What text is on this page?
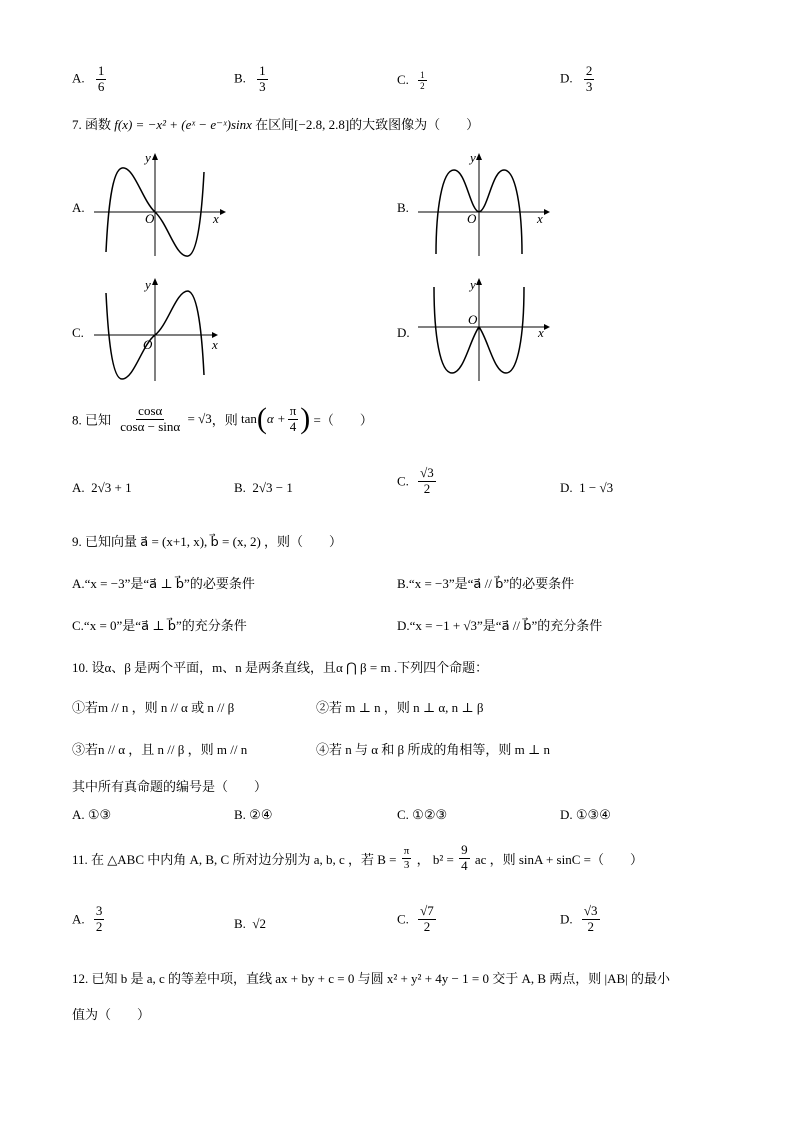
A. $\frac{1}{6}$	B. $\frac{1}{3}$	C. $\frac{1}{2}$	D. $\frac{2}{3}$
7. 函数 f(x) = −x² + (eˣ − e⁻ˣ)sinx 在区间[−2.8, 2.8]的大致图像为（　　）
A.
y
O	x
B.
y
O	x
C.
y
O	x
D.
y
O
x
8. 已知 $\frac{\cos\alpha}{\cos\alpha - \sin\alpha} = √3$，则 $\tan(\alpha + \frac{\pi}{4}$ ) =（　　）
A. 2√3 + 1	B. 2√3 − 1	C. $\frac{√3}{2}$	D. 1 − √3
9. 已知向量 a⃗ = (x+1, x), b⃗ = (x, 2) ，则（　　）
A.“x = −3”是“a⃗ ⊥ b⃗”的必要条件	B.“x = −3”是“a⃗ // b⃗”的必要条件
C.“x = 0”是“a⃗ ⊥ b⃗”的充分条件	D.“x = −1 + √3”是“a⃗ // b⃗”的充分条件
10. 设α、β 是两个平面，m、n 是两条直线，且α ⋂ β = m .下列四个命题：
①若m // n ，则 n // α 或 n // β	②若 m ⊥ n ，则 n ⊥ α, n ⊥ β
③若n // α ，且 n // β ，则 m // n	④若 n 与 α 和 β 所成的角相等，则 m ⊥ n
其中所有真命题的编号是（　　）
A. ①③	B. ②④	C. ①②③	D. ①③④
11. 在 △ABC 中内角 A, B, C 所对边分别为 a, b, c ，若 $B = \frac{\pi}{3}$ ， $b^2 = \frac{9}{4}$ ac ，则 sinA + sinC =（　　）
A. $\frac{3}{2}$	B. √2	C. $\frac{√7}{2}$	D. $\frac{√3}{2}$
12. 已知 b 是 a, c 的等差中项，直线 ax + by + c = 0 与圆 x² + y² + 4y − 1 = 0 交于 A, B 两点，则 |AB| 的最小
值为（　　）
